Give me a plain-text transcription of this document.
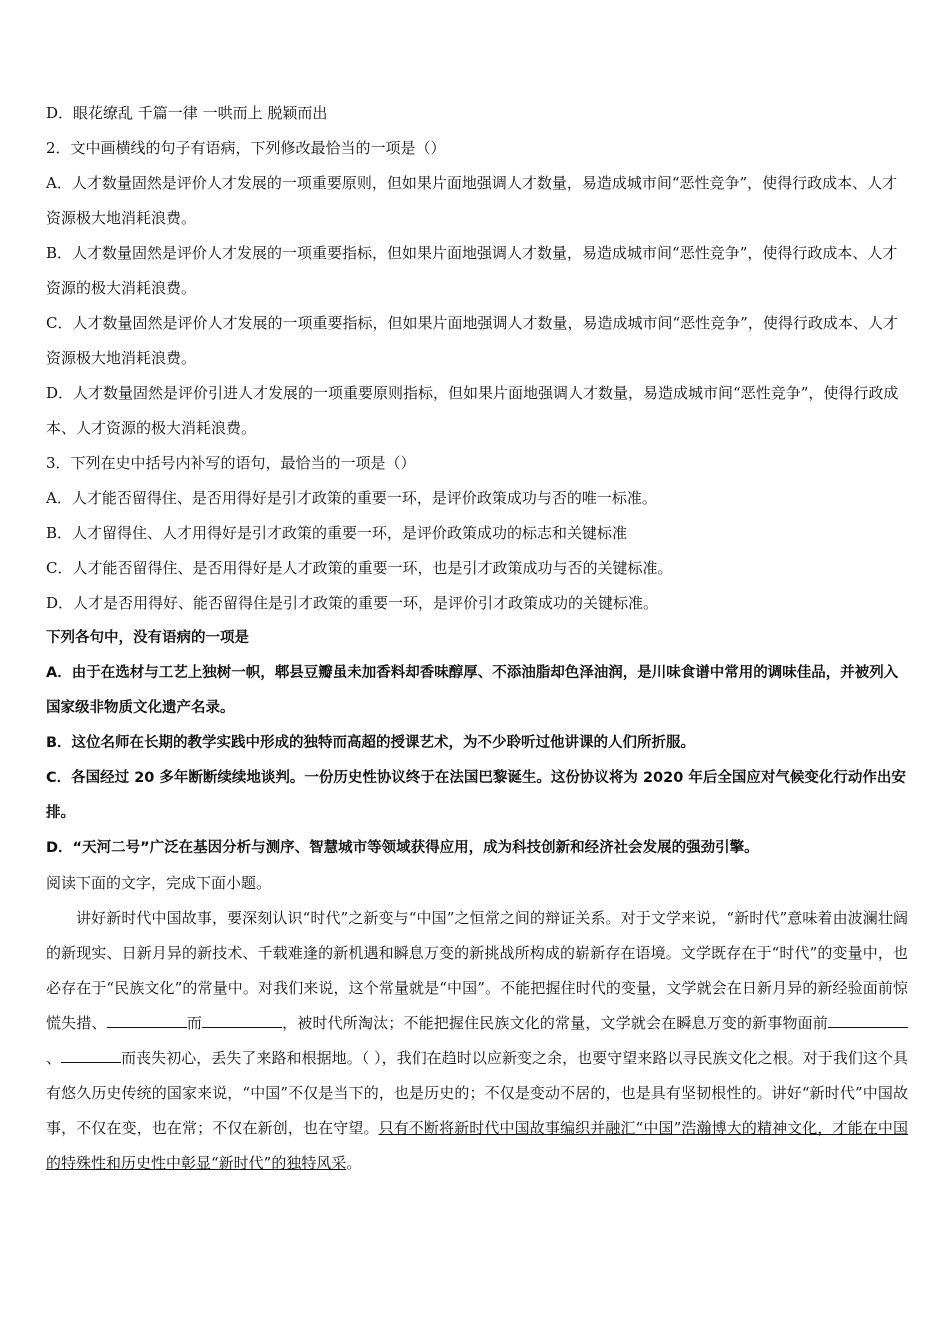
D．眼花缭乱 千篇一律 一哄而上 脱颖而出
2．文中画横线的句子有语病，下列修改最恰当的一项是（）
A．人才数量固然是评价人才发展的一项重要原则，但如果片面地强调人才数量，易造成城市间“恶性竞争”，使得行政成本、人才资源极大地消耗浪费。
B．人才数量固然是评价人才发展的一项重要指标，但如果片面地强调人才数量，易造成城市间“恶性竞争”，使得行政成本、人才资源的极大消耗浪费。
C．人才数量固然是评价人才发展的一项重要指标，但如果片面地强调人才数量，易造成城市间“恶性竞争”，使得行政成本、人才资源极大地消耗浪费。
D．人才数量固然是评价引进人才发展的一项重要原则指标，但如果片面地强调人才数量，易造成城市间“恶性竞争”，使得行政成本、人才资源的极大消耗浪费。
3．下列在史中括号内补写的语句，最恰当的一项是（）
A．人才能否留得住、是否用得好是引才政策的重要一环，是评价政策成功与否的唯一标准。
B．人才留得住、人才用得好是引才政策的重要一环，是评价政策成功的标志和关键标准
C．人才能否留得住、是否用得好是人才政策的重要一环，也是引才政策成功与否的关键标准。
D．人才是否用得好、能否留得住是引才政策的重要一环，是评价引才政策成功的关键标准。
下列各句中，没有语病的一项是
A．由于在选材与工艺上独树一帜，郫县豆瓣虽未加香料却香味醇厚、不添油脂却色泽油润，是川味食谱中常用的调味佳品，并被列入国家级非物质文化遗产名录。
B．这位名师在长期的教学实践中形成的独特而高超的授课艺术，为不少聆听过他讲课的人们所折服。
C．各国经过 20 多年断断续续地谈判。一份历史性协议终于在法国巴黎诞生。这份协议将为 2020 年后全国应对气候变化行动作出安排。
D．“天河二号”广泛在基因分析与测序、智慧城市等领域获得应用，成为科技创新和经济社会发展的强劲引擎。
阅读下面的文字，完成下面小题。
讲好新时代中国故事，要深刻认识“时代”之新变与“中国”之恒常之间的辩证关系。对于文学来说，“新时代”意味着由波澜壮阔的新现实、日新月异的新技术、千载难逢的新机遇和瞬息万变的新挑战所构成的崭新存在语境。文学既存在于“时代”的变量中，也必存在于“民族文化”的常量中。对我们来说，这个常量就是“中国”。不能把握住时代的变量，文学就会在日新月异的新经验面前惊慌失措、	而	，被时代所淘汰；不能把握住民族文化的常量，文学就会在瞬息万变的新事物面前、	而丧失初心，丢失了来路和根据地。（ ），我们在趋时以应新变之余，也要守望来路以寻民族文化之根。对于我们这个具有悠久历史传统的国家来说，“中国”不仅是当下的，也是历史的；不仅是变动不居的，也是具有坚韧根性的。讲好“新时代”中国故事，不仅在变，也在常；不仅在新创，也在守望。只有不断将新时代中国故事编织并融汇“中国”浩瀚博大的精神文化，才能在中国的特殊性和历史性中彰显“新时代”的独特风采。
